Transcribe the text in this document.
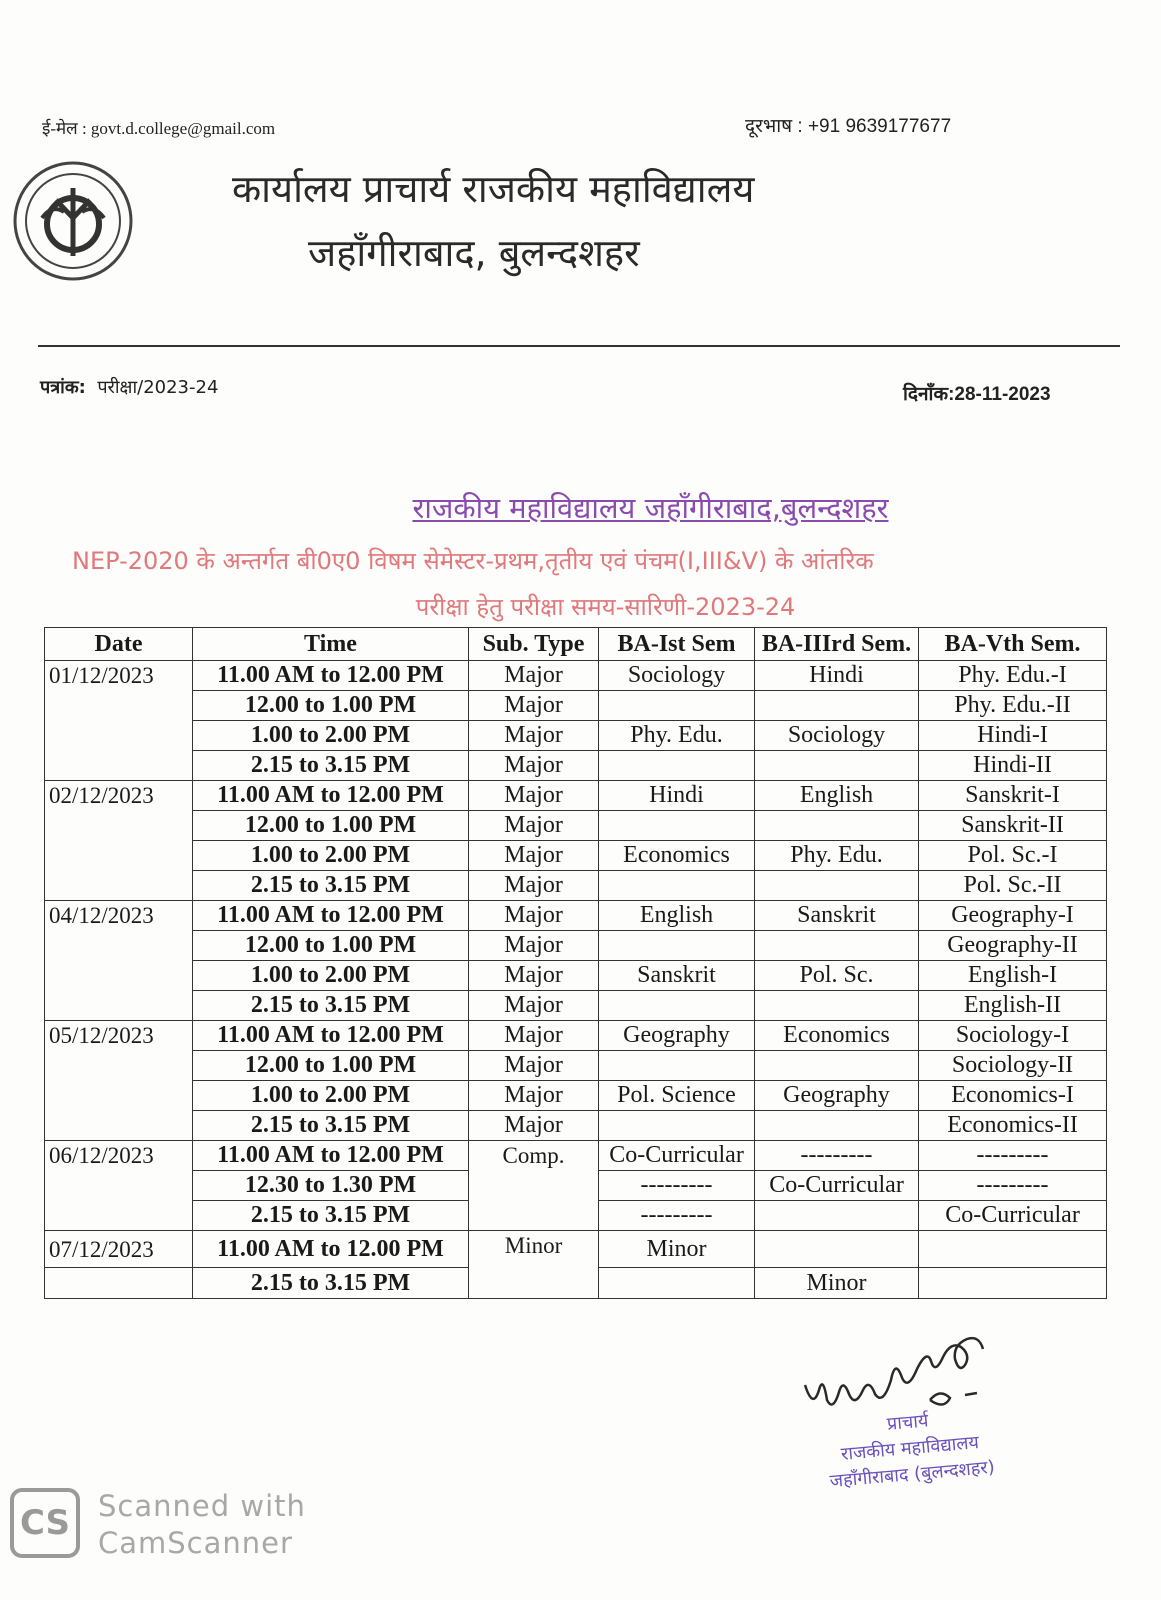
ई-मेल : govt.d.college@gmail.com	दूरभाष : +91 9639177677
कार्यालय प्राचार्य राजकीय महाविद्यालय
जहाँगीराबाद, बुलन्दशहर
पत्रांक: परीक्षा/2023-24	दिनाँक:28-11-2023
राजकीय महाविद्यालय जहाँगीराबाद,बुलन्दशहर
NEP-2020 के अन्तर्गत बी0ए0 विषम सेमेस्टर-प्रथम,तृतीय एवं पंचम(I,III&V) के आंतरिक
परीक्षा हेतु परीक्षा समय-सारिणी-2023-24
Date	Time	Sub. Type	BA-Ist Sem	BA-IIIrd Sem.	BA-Vth Sem.
01/12/2023	11.00 AM to 12.00 PM	Major	Sociology	Hindi	Phy. Edu.-I
	12.00 to 1.00 PM	Major			Phy. Edu.-II
	1.00 to 2.00 PM	Major	Phy. Edu.	Sociology	Hindi-I
	2.15 to 3.15 PM	Major			Hindi-II
02/12/2023	11.00 AM to 12.00 PM	Major	Hindi	English	Sanskrit-I
	12.00 to 1.00 PM	Major			Sanskrit-II
	1.00 to 2.00 PM	Major	Economics	Phy. Edu.	Pol. Sc.-I
	2.15 to 3.15 PM	Major			Pol. Sc.-II
04/12/2023	11.00 AM to 12.00 PM	Major	English	Sanskrit	Geography-I
	12.00 to 1.00 PM	Major			Geography-II
	1.00 to 2.00 PM	Major	Sanskrit	Pol. Sc.	English-I
	2.15 to 3.15 PM	Major			English-II
05/12/2023	11.00 AM to 12.00 PM	Major	Geography	Economics	Sociology-I
	12.00 to 1.00 PM	Major			Sociology-II
	1.00 to 2.00 PM	Major	Pol. Science	Geography	Economics-I
	2.15 to 3.15 PM	Major			Economics-II
06/12/2023	11.00 AM to 12.00 PM	Comp.	Co-Curricular	---------	---------
	12.30 to 1.30 PM		---------	Co-Curricular	---------
	2.15 to 3.15 PM		---------		Co-Curricular
07/12/2023	11.00 AM to 12.00 PM	Minor	Minor		
	2.15 to 3.15 PM			Minor	
प्राचार्य
राजकीय महाविद्यालय
जहाँगीराबाद (बुलन्दशहर)
CS Scanned with
CamScanner
